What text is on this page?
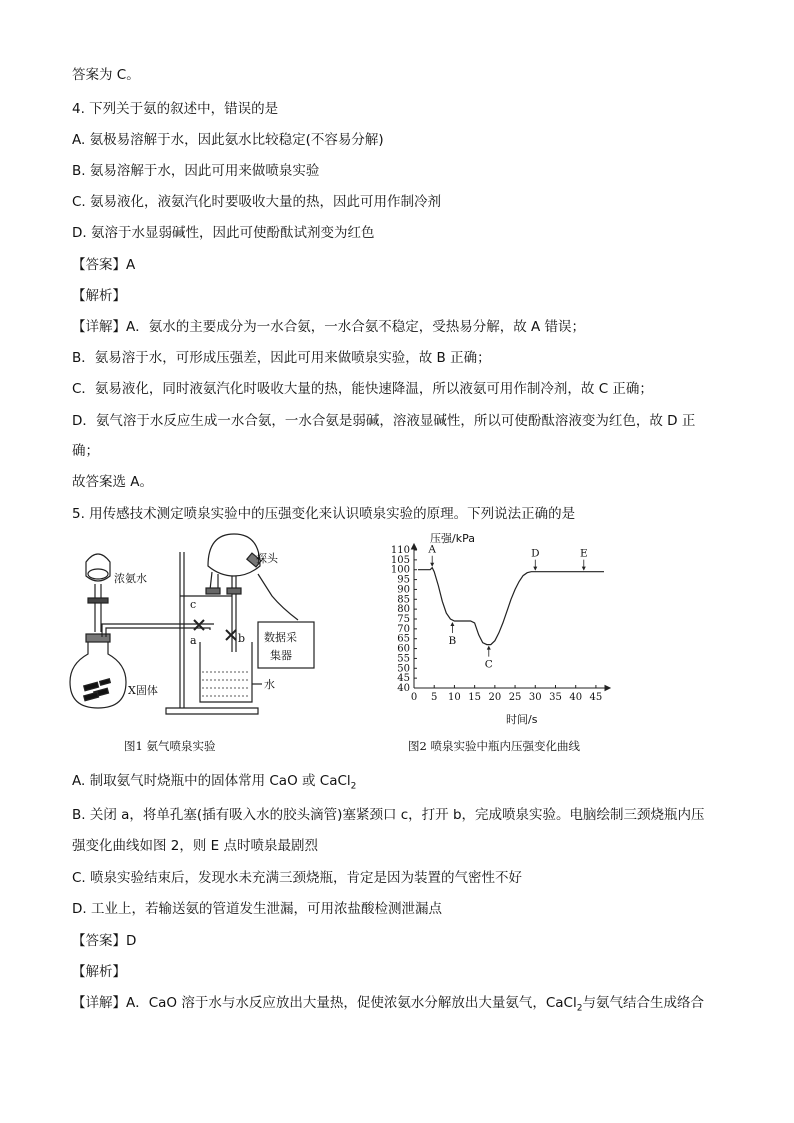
答案为 C。
4. 下列关于氨的叙述中，错误的是
A. 氨极易溶解于水，因此氨水比较稳定(不容易分解)
B. 氨易溶解于水，因此可用来做喷泉实验
C. 氨易液化，液氨汽化时要吸收大量的热，因此可用作制冷剂
D. 氨溶于水显弱碱性，因此可使酚酞试剂变为红色
【答案】A
【解析】
【详解】A．氨水的主要成分为一水合氨，一水合氨不稳定，受热易分解，故 A 错误；
B．氨易溶于水，可形成压强差，因此可用来做喷泉实验，故 B 正确；
C．氨易液化，同时液氨汽化时吸收大量的热，能快速降温，所以液氨可用作制冷剂，故 C 正确；
D．氨气溶于水反应生成一水合氨，一水合氨是弱碱，溶液显碱性，所以可使酚酞溶液变为红色，故 D 正
确；
故答案选 A。
5. 用传感技术测定喷泉实验中的压强变化来认识喷泉实验的原理。下列说法正确的是
浓氨水
探头
数据采
集器
X固体	水
c
a	b
图1 氨气喷泉实验
40
45
50
55
60
65
70
75
80
85
90
95
100
105
110
0 5 10 15 20 25 30 35 40 45
A
B
C
D	E
压强/kPa
时间/s
图2 喷泉实验中瓶内压强变化曲线
A. 制取氨气时烧瓶中的固体常用 CaO 或 CaCl$_2$
B. 关闭 a，将单孔塞(插有吸入水的胶头滴管)塞紧颈口 c，打开 b，完成喷泉实验。电脑绘制三颈烧瓶内压
强变化曲线如图 2，则 E 点时喷泉最剧烈
C. 喷泉实验结束后，发现水未充满三颈烧瓶，肯定是因为装置的气密性不好
D. 工业上，若输送氨的管道发生泄漏，可用浓盐酸检测泄漏点
【答案】D
【解析】
【详解】A．CaO 溶于水与水反应放出大量热，促使浓氨水分解放出大量氨气，CaCl$_2$与氨气结合生成络合
